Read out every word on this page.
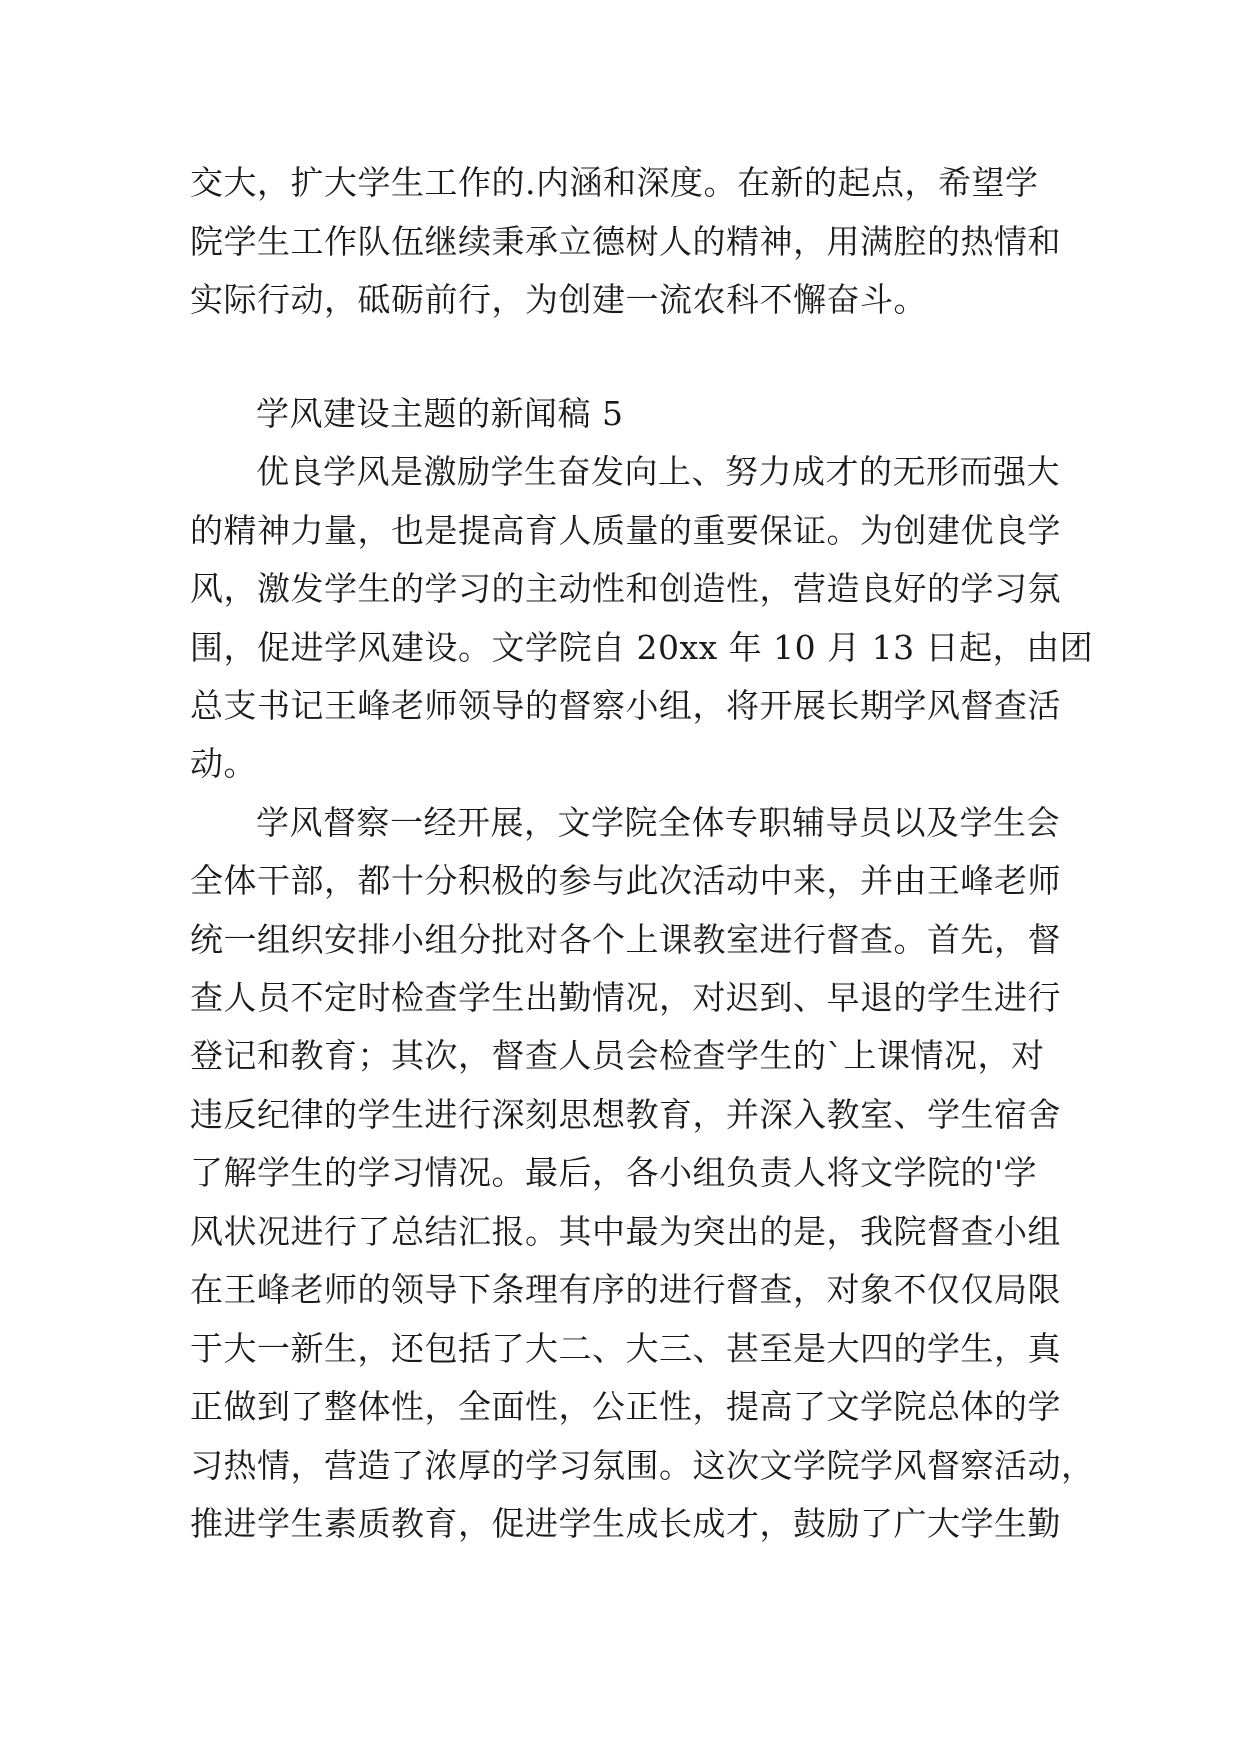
交大，扩大学生工作的.内涵和深度。在新的起点，希望学
院学生工作队伍继续秉承立德树人的精神，用满腔的热情和
实际行动，砥砺前行，为创建一流农科不懈奋斗。
学风建设主题的新闻稿 5
优良学风是激励学生奋发向上、努力成才的无形而强大
的精神力量，也是提高育人质量的重要保证。为创建优良学
风，激发学生的学习的主动性和创造性，营造良好的学习氛
围，促进学风建设。文学院自 20xx 年 10 月 13 日起，由团
总支书记王峰老师领导的督察小组，将开展长期学风督查活
动。
学风督察一经开展，文学院全体专职辅导员以及学生会
全体干部，都十分积极的参与此次活动中来，并由王峰老师
统一组织安排小组分批对各个上课教室进行督查。首先，督
查人员不定时检查学生出勤情况，对迟到、早退的学生进行
登记和教育；其次，督查人员会检查学生的`上课情况，对
违反纪律的学生进行深刻思想教育，并深入教室、学生宿舍
了解学生的学习情况。最后，各小组负责人将文学院的'学
风状况进行了总结汇报。其中最为突出的是，我院督查小组
在王峰老师的领导下条理有序的进行督查，对象不仅仅局限
于大一新生，还包括了大二、大三、甚至是大四的学生，真
正做到了整体性，全面性，公正性，提高了文学院总体的学
习热情，营造了浓厚的学习氛围。这次文学院学风督察活动，
推进学生素质教育，促进学生成长成才，鼓励了广大学生勤
